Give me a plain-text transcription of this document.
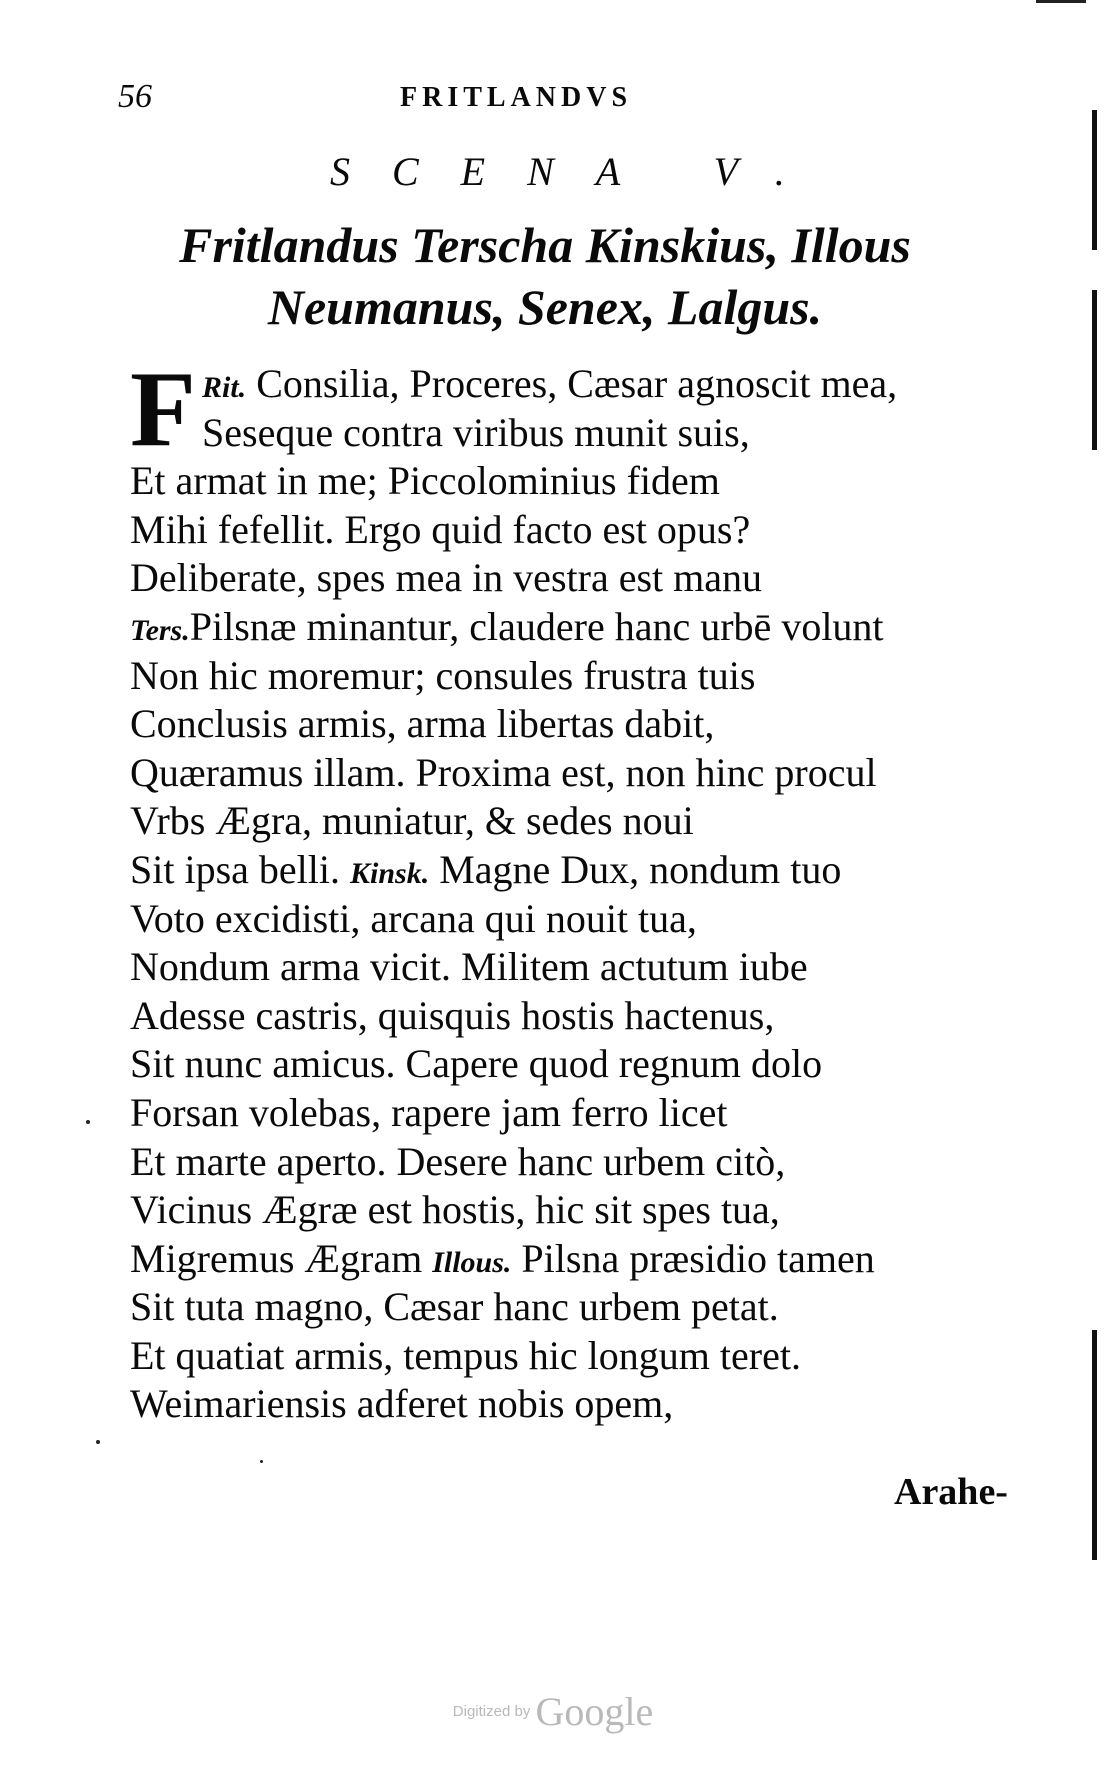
56	FRITLANDVS
SCENA V.
Fritlandus Terscha Kinskius, Illous
Neumanus, Senex, Lalgus.
F Rit. Consilia, Proceres, Cæsar agnoscit mea,
Seseque contra viribus munit suis,
Et armat in me; Piccolominius fidem
Mihi fefellit. Ergo quid facto est opus?
Deliberate, spes mea in vestra est manu
Ters.Pilsnæ minantur, claudere hanc urbē volunt
Non hic moremur; consules frustra tuis
Conclusis armis, arma libertas dabit,
Quæramus illam. Proxima est, non hinc procul
Vrbs Ægra, muniatur, & sedes noui
Sit ipsa belli. Kinsk. Magne Dux, nondum tuo
Voto excidisti, arcana qui nouit tua,
Nondum arma vicit. Militem actutum iube
Adesse castris, quisquis hostis hactenus,
Sit nunc amicus. Capere quod regnum dolo
Forsan volebas, rapere jam ferro licet
Et marte aperto. Desere hanc urbem citò,
Vicinus Ægræ est hostis, hic sit spes tua,
Migremus Ægram Illous. Pilsna præsidio tamen
Sit tuta magno, Cæsar hanc urbem petat.
Et quatiat armis, tempus hic longum teret.
Weimariensis adferet nobis opem,
Arahe-
Digitized by Google
